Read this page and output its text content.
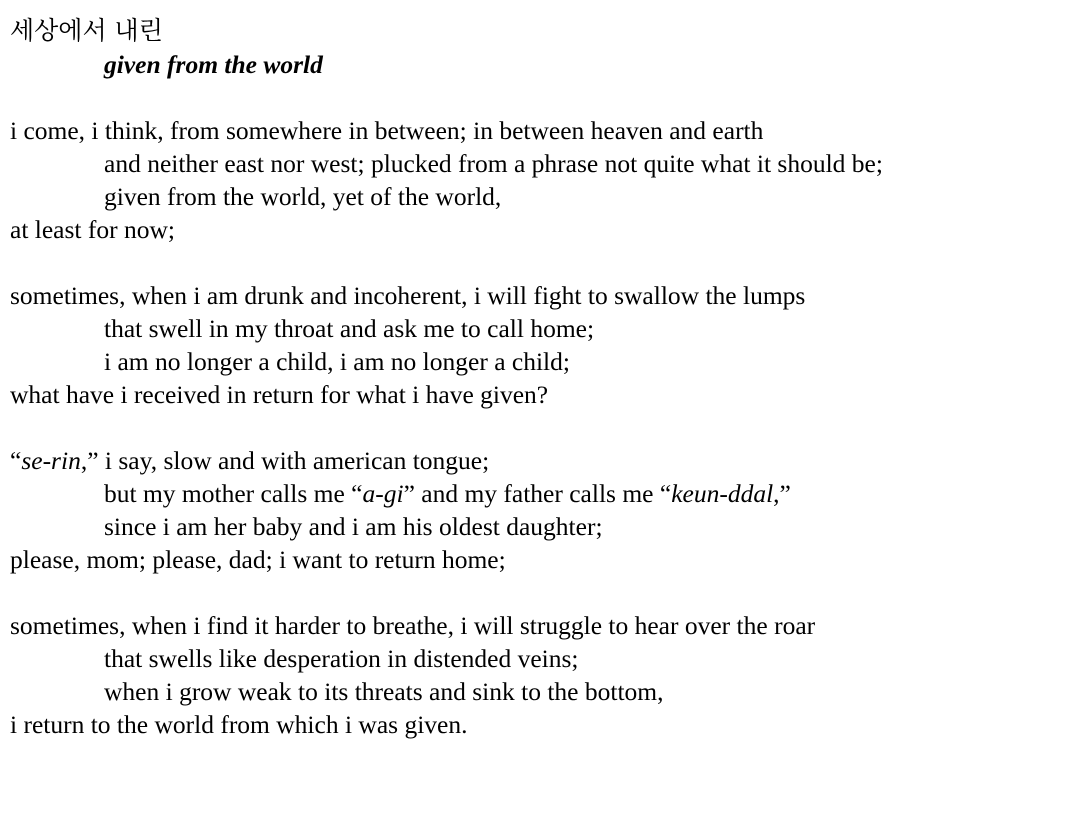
세상에서 내린
given from the world
i come, i think, from somewhere in between; in between heaven and earth
and neither east nor west; plucked from a phrase not quite what it should be;
given from the world, yet of the world,
at least for now;
sometimes, when i am drunk and incoherent, i will fight to swallow the lumps
that swell in my throat and ask me to call home;
i am no longer a child, i am no longer a child;
what have i received in return for what i have given?
“se-rin,” i say, slow and with american tongue;
but my mother calls me “a-gi” and my father calls me “keun-ddal,”
since i am her baby and i am his oldest daughter;
please, mom; please, dad; i want to return home;
sometimes, when i find it harder to breathe, i will struggle to hear over the roar
that swells like desperation in distended veins;
when i grow weak to its threats and sink to the bottom,
i return to the world from which i was given.
